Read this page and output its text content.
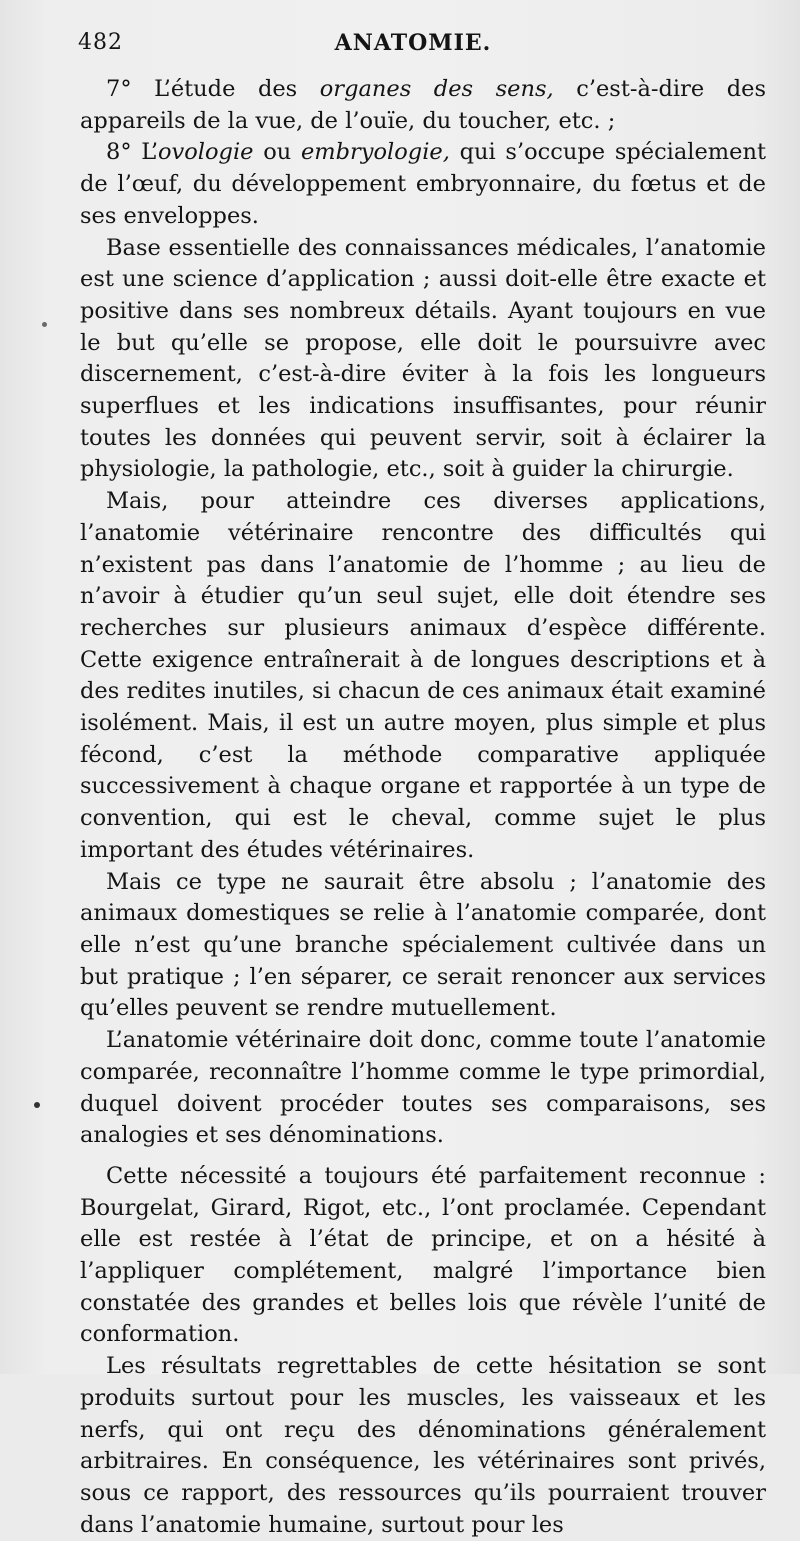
482	ANATOMIE.

7° L’étude des organes des sens, c’est-à-dire des appareils de la vue, de l’ouïe, du toucher, etc. ;

8° L’ovologie ou embryologie, qui s’occupe spécialement de l’œuf, du développement embryonnaire, du fœtus et de ses enveloppes.

Base essentielle des connaissances médicales, l’anatomie est une science d’application ; aussi doit-elle être exacte et positive dans ses nombreux détails. Ayant toujours en vue le but qu’elle se propose, elle doit le poursuivre avec discernement, c’est-à-dire éviter à la fois les longueurs superflues et les indications insuffisantes, pour réunir toutes les données qui peuvent servir, soit à éclairer la physiologie, la pathologie, etc., soit à guider la chirurgie.

Mais, pour atteindre ces diverses applications, l’anatomie vétérinaire rencontre des difficultés qui n’existent pas dans l’anatomie de l’homme ; au lieu de n’avoir à étudier qu’un seul sujet, elle doit étendre ses recherches sur plusieurs animaux d’espèce différente. Cette exigence entraînerait à de longues descriptions et à des redites inutiles, si chacun de ces animaux était examiné isolément. Mais, il est un autre moyen, plus simple et plus fécond, c’est la méthode comparative appliquée successivement à chaque organe et rapportée à un type de convention, qui est le cheval, comme sujet le plus important des études vétérinaires.

Mais ce type ne saurait être absolu ; l’anatomie des animaux domestiques se relie à l’anatomie comparée, dont elle n’est qu’une branche spécialement cultivée dans un but pratique ; l’en séparer, ce serait renoncer aux services qu’elles peuvent se rendre mutuellement.

L’anatomie vétérinaire doit donc, comme toute l’anatomie comparée, reconnaître l’homme comme le type primordial, duquel doivent procéder toutes ses comparaisons, ses analogies et ses dénominations.

Cette nécessité a toujours été parfaitement reconnue : Bourgelat, Girard, Rigot, etc., l’ont proclamée. Cependant elle est restée à l’état de principe, et on a hésité à l’appliquer complétement, malgré l’importance bien constatée des grandes et belles lois que révèle l’unité de conformation.

Les résultats regrettables de cette hésitation se sont produits surtout pour les muscles, les vaisseaux et les nerfs, qui ont reçu des dénominations généralement arbitraires. En conséquence, les vétérinaires sont privés, sous ce rapport, des ressources qu’ils pourraient trouver dans l’anatomie humaine, surtout pour les
